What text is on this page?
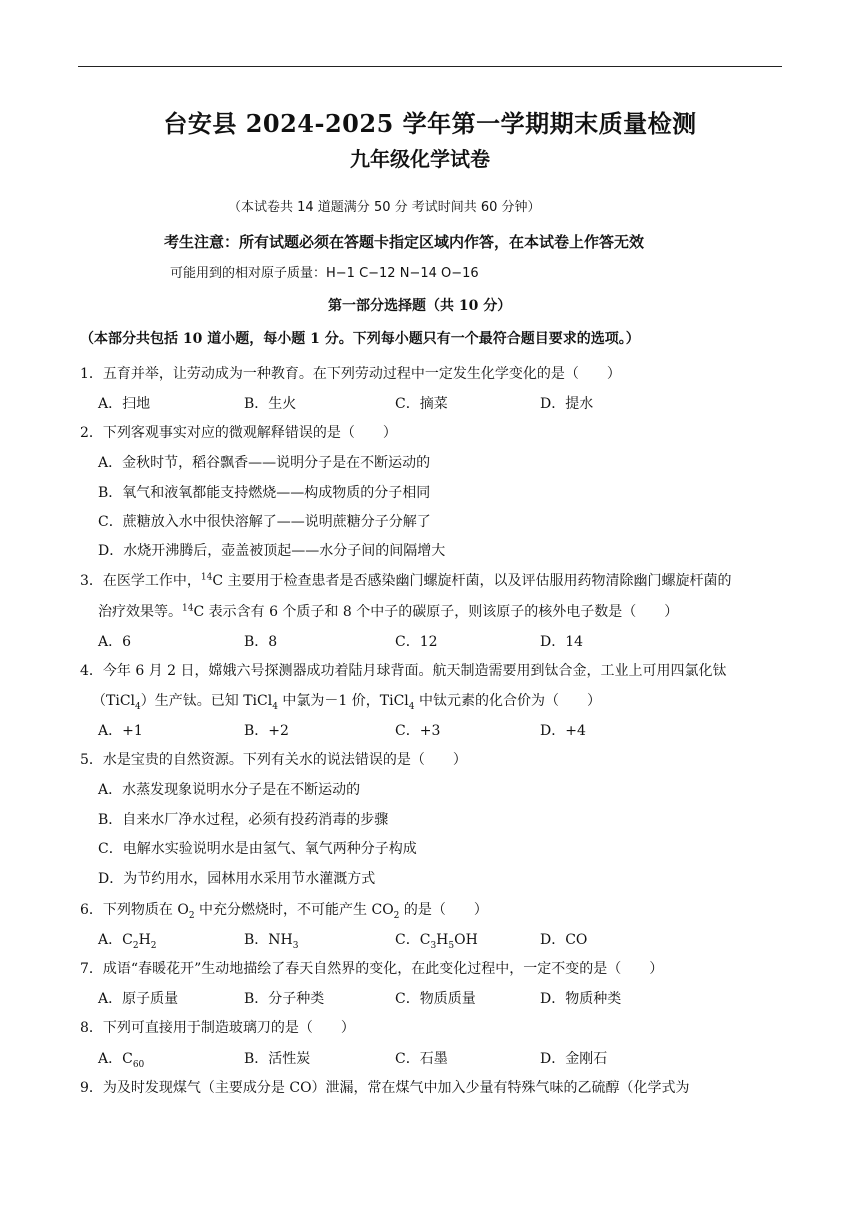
台安县 2024-2025 学年第一学期期末质量检测
九年级化学试卷
（本试卷共 14 道题满分 50 分 考试时间共 60 分钟）
考生注意：所有试题必须在答题卡指定区域内作答，在本试卷上作答无效
可能用到的相对原子质量：H−1 C−12 N−14 O−16
第一部分选择题（共 10 分）
（本部分共包括 10 道小题，每小题 1 分。下列每小题只有一个最符合题目要求的选项。）
1．五育并举，让劳动成为一种教育。在下列劳动过程中一定发生化学变化的是（　　）
A．扫地	B．生火	C．摘菜	D．提水
2．下列客观事实对应的微观解释错误的是（　　）
A．金秋时节，稻谷飘香——说明分子是在不断运动的
B．氧气和液氧都能支持燃烧——构成物质的分子相同
C．蔗糖放入水中很快溶解了——说明蔗糖分子分解了
D．水烧开沸腾后，壶盖被顶起——水分子间的间隔增大
3．在医学工作中，$^{14}$C 主要用于检查患者是否感染幽门螺旋杆菌，以及评估服用药物清除幽门螺旋杆菌的
治疗效果等。$^{14}$C 表示含有 6 个质子和 8 个中子的碳原子，则该原子的核外电子数是（　　）
A．6	B．8	C．12	D．14
4．今年 6 月 2 日，嫦娥六号探测器成功着陆月球背面。航天制造需要用到钛合金，工业上可用四氯化钛
（TiCl$_4$）生产钛。已知 TiCl$_4$ 中氯为－1 价，TiCl$_4$ 中钛元素的化合价为（　　）
A．+1	B．+2	C．+3	D．+4
5．水是宝贵的自然资源。下列有关水的说法错误的是（　　）
A．水蒸发现象说明水分子是在不断运动的
B．自来水厂净水过程，必须有投药消毒的步骤
C．电解水实验说明水是由氢气、氧气两种分子构成
D．为节约用水，园林用水采用节水灌溉方式
6．下列物质在 $O_2$ 中充分燃烧时，不可能产生 $CO_2$ 的是（　　）
A．$C_2H_2$	B．$NH_3$	C．$C_3H_5OH$	D．CO
7．成语“春暖花开”生动地描绘了春天自然界的变化，在此变化过程中，一定不变的是（　　）
A．原子质量	B．分子种类	C．物质质量	D．物质种类
8．下列可直接用于制造玻璃刀的是（　　）
A．$C_{60}$	B．活性炭	C．石墨	D．金刚石
9．为及时发现煤气（主要成分是 CO）泄漏，常在煤气中加入少量有特殊气味的乙硫醇（化学式为
